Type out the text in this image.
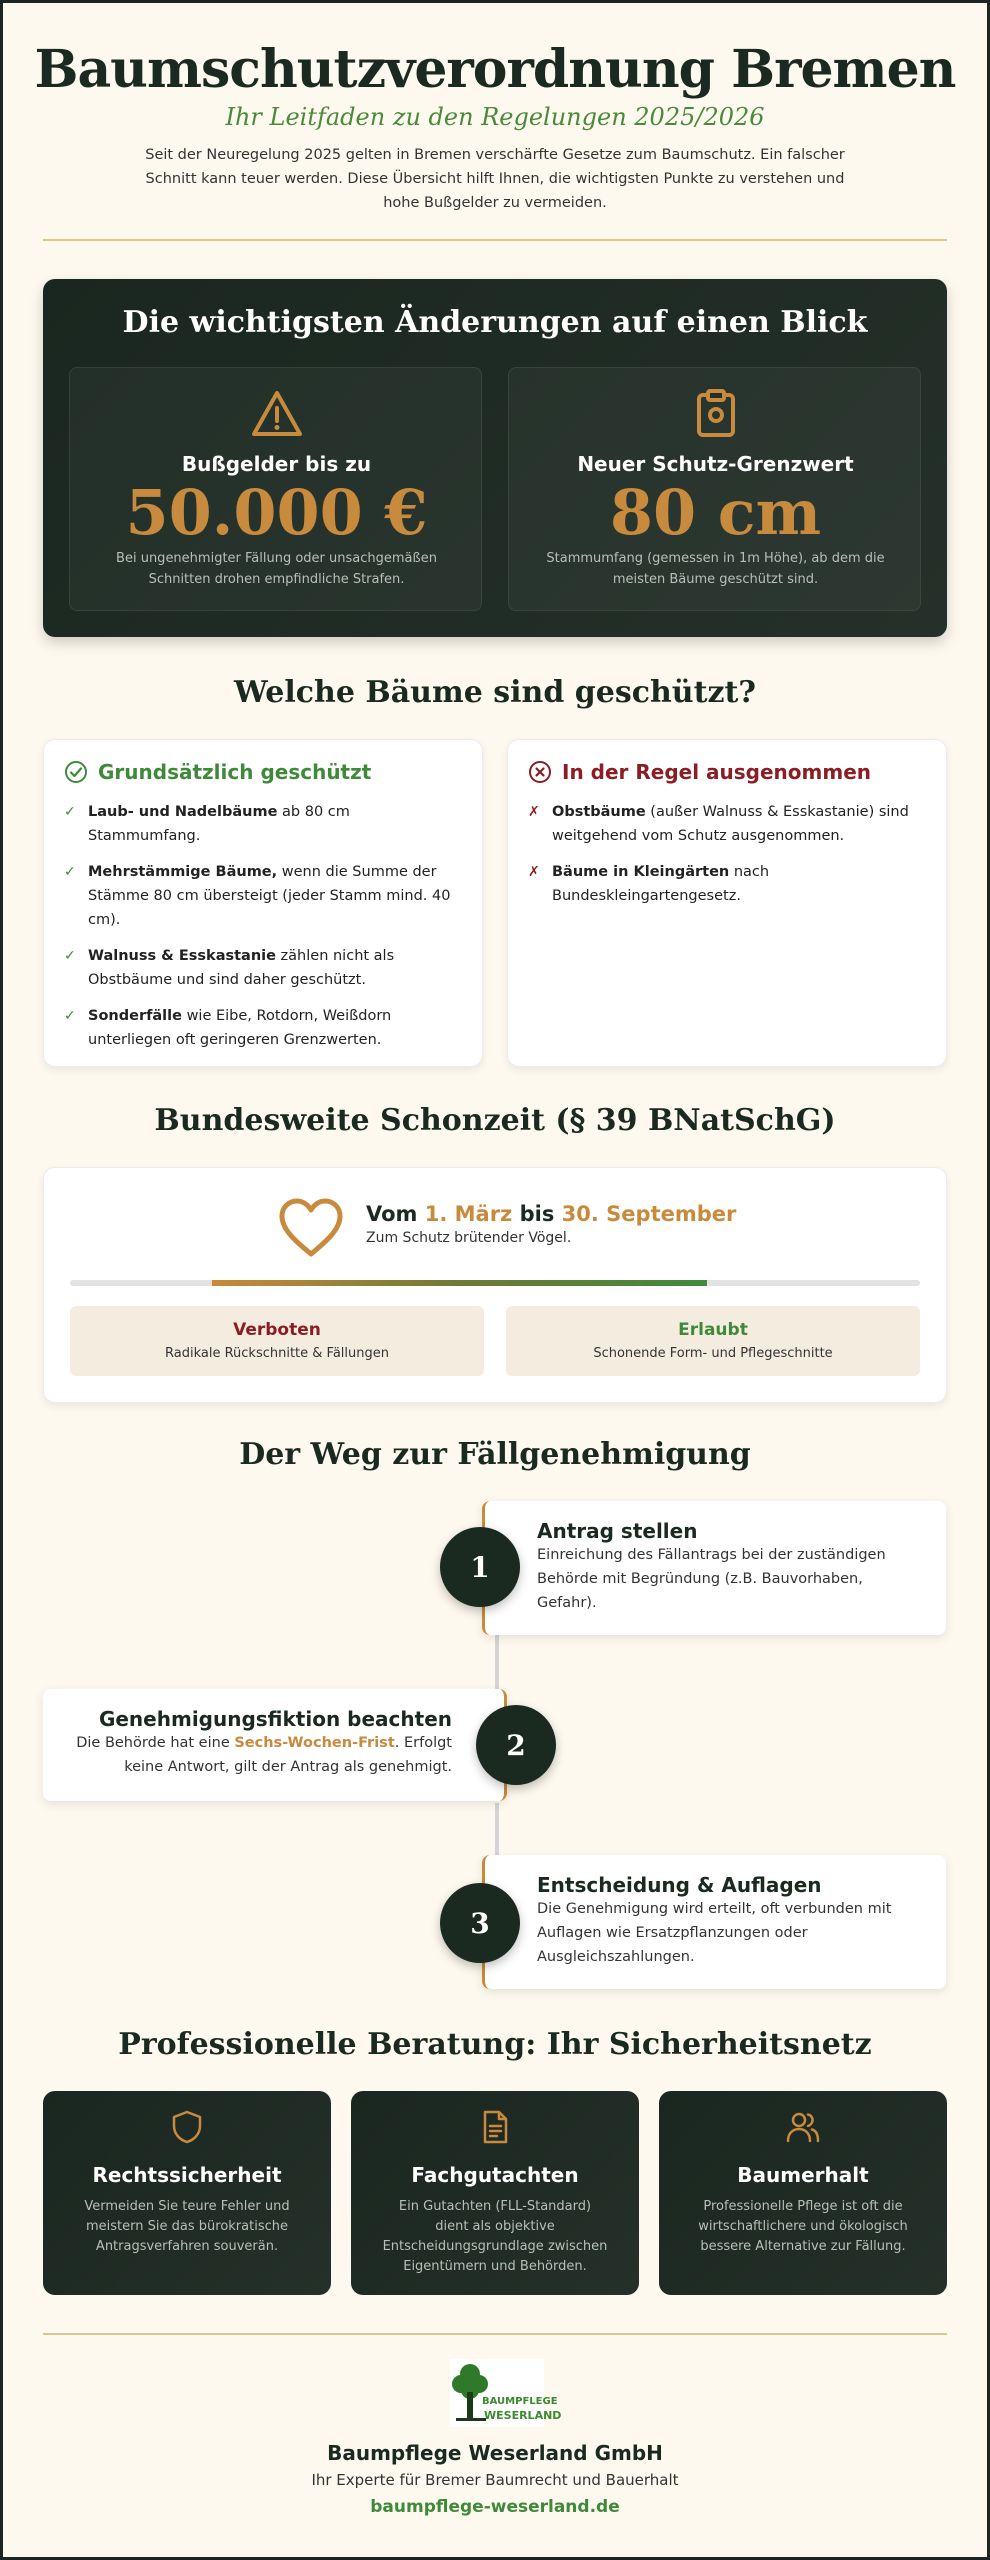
Baumschutzverordnung Bremen
Ihr Leitfaden zu den Regelungen 2025/2026

Seit der Neuregelung 2025 gelten in Bremen verschärfte Gesetze zum Baumschutz. Ein falscher Schnitt kann teuer werden. Diese Übersicht hilft Ihnen, die wichtigsten Punkte zu verstehen und hohe Bußgelder zu vermeiden.

Die wichtigsten Änderungen auf einen Blick
Bußgelder bis zu
50.000 €
Bei ungenehmigter Fällung oder unsachgemäßen Schnitten drohen empfindliche Strafen.
Neuer Schutz-Grenzwert
80 cm
Stammumfang (gemessen in 1m Höhe), ab dem die meisten Bäume geschützt sind.
Welche Bäume sind geschützt?
Grundsätzlich geschützt
✓ Laub- und Nadelbäume ab 80 cm Stammumfang.
✓ Mehrstämmige Bäume, wenn die Summe der Stämme 80 cm übersteigt (jeder Stamm mind. 40 cm).
✓ Walnuss & Esskastanie zählen nicht als Obstbäume und sind daher geschützt.
✓ Sonderfälle wie Eibe, Rotdorn, Weißdorn unterliegen oft geringeren Grenzwerten.
In der Regel ausgenommen
✗ Obstbäume (außer Walnuss & Esskastanie) sind weitgehend vom Schutz ausgenommen.
✗ Bäume in Kleingärten nach Bundeskleingartengesetz.
Bundesweite Schonzeit (§ 39 BNatSchG)
Vom 1. März bis 30. September
Zum Schutz brütender Vögel.
Verboten
Radikale Rückschnitte & Fällungen
Erlaubt
Schonende Form- und Pflegeschnitte
Der Weg zur Fällgenehmigung
Antrag stellen
Einreichung des Fällantrags bei der zuständigen Behörde mit Begründung (z.B. Bauvorhaben, Gefahr).
1
Genehmigungsfiktion beachten
Die Behörde hat eine Sechs-Wochen-Frist. Erfolgt keine Antwort, gilt der Antrag als genehmigt.
2
Entscheidung & Auflagen
Die Genehmigung wird erteilt, oft verbunden mit Auflagen wie Ersatzpflanzungen oder Ausgleichszahlungen.
3
Professionelle Beratung: Ihr Sicherheitsnetz
Rechtssicherheit
Vermeiden Sie teure Fehler und meistern Sie das bürokratische Antragsverfahren souverän.
Fachgutachten
Ein Gutachten (FLL-Standard) dient als objektive Entscheidungsgrundlage zwischen Eigentümern und Behörden.
Baumerhalt
Professionelle Pflege ist oft die wirtschaftlichere und ökologisch bessere Alternative zur Fällung.
BAUMPFLEGE
WESERLAND
Baumpflege Weserland GmbH
Ihr Experte für Bremer Baumrecht und Bauerhalt
baumpflege-weserland.de
